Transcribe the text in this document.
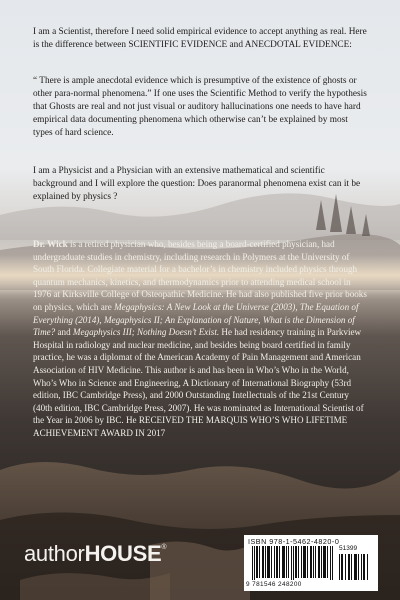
I am a Scientist, therefore I need solid empirical evidence to accept anything as real. Here is the difference between SCIENTIFIC EVIDENCE and ANECDOTAL EVIDENCE:
“ There is ample anecdotal evidence which is presumptive of the existence of ghosts or other para-normal phenomena.” If one uses the Scientific Method to verify the hypothesis that Ghosts are real and not just visual or auditory hallucinations one needs to have hard empirical data documenting phenomena which otherwise can’t be explained by most types of hard science.
I am a Physicist and a Physician with an extensive mathematical and scientific background and I will explore the question: Does paranormal phenomena exist can it be explained by physics ?
Dr. Wick is a retired physician who, besides being a board-certified physician, had undergraduate studies in chemistry, including research in Polymers at the University of South Florida. Collegiate material for a bachelor’s in chemistry included physics through quantum mechanics, kinetics, and thermodynamics prior to attending medical school in 1976 at Kirksville College of Osteopathic Medicine. He had also published five prior books on physics, which are Megaphysics: A New Look at the Universe (2003), The Equation of Everything (2014), Megaphysics II; An Explanation of Nature, What is the Dimension of Time? and Megaphysics III; Nothing Doesn’t Exist. He had residency training in Parkview Hospital in radiology and nuclear medicine, and besides being board certified in family practice, he was a diplomat of the American Academy of Pain Management and American Association of HIV Medicine. This author is and has been in Who’s Who in the World, Who’s Who in Science and Engineering, A Dictionary of International Biography (53rd edition, IBC Cambridge Press), and 2000 Outstanding Intellectuals of the 21st Century (40th edition, IBC Cambridge Press, 2007). He was nominated as International Scientist of the Year in 2006 by IBC. He RECEIVED THE MARQUIS WHO’S WHO LIFETIME ACHIEVEMENT AWARD IN 2017
authorHOUSE®
ISBN 978-1-5462-4820-0
51399
9 781546 248200
